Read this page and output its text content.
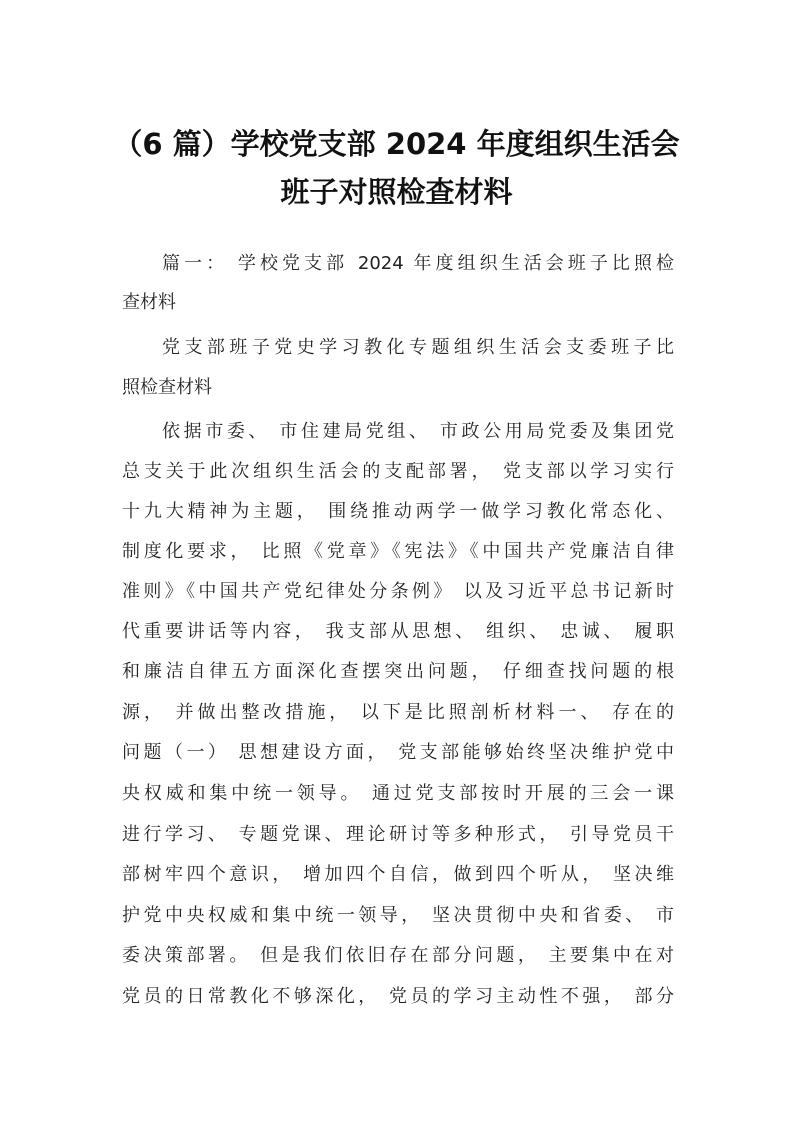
（6 篇）学校党支部 2024 年度组织生活会
班子对照检查材料
篇一： 学校党支部 2024 年度组织生活会班子比照检
查材料
党支部班子党史学习教化专题组织生活会支委班子比
照检查材料
依据市委、 市住建局党组、 市政公用局党委及集团党
总支关于此次组织生活会的支配部署， 党支部以学习实行
十九大精神为主题， 围绕推动两学一做学习教化常态化、
制度化要求， 比照《党章》《宪法》《中国共产党廉洁自律
准则》《中国共产党纪律处分条例》 以及习近平总书记新时
代重要讲话等内容， 我支部从思想、 组织、 忠诚、 履职
和廉洁自律五方面深化查摆突出问题， 仔细查找问题的根
源， 并做出整改措施， 以下是比照剖析材料一、 存在的
问题（一） 思想建设方面， 党支部能够始终坚决维护党中
央权威和集中统一领导。 通过党支部按时开展的三会一课
进行学习、 专题党课、理论研讨等多种形式， 引导党员干
部树牢四个意识， 增加四个自信，做到四个听从， 坚决维
护党中央权威和集中统一领导， 坚决贯彻中央和省委、 市
委决策部署。 但是我们依旧存在部分问题， 主要集中在对
党员的日常教化不够深化， 党员的学习主动性不强， 部分
